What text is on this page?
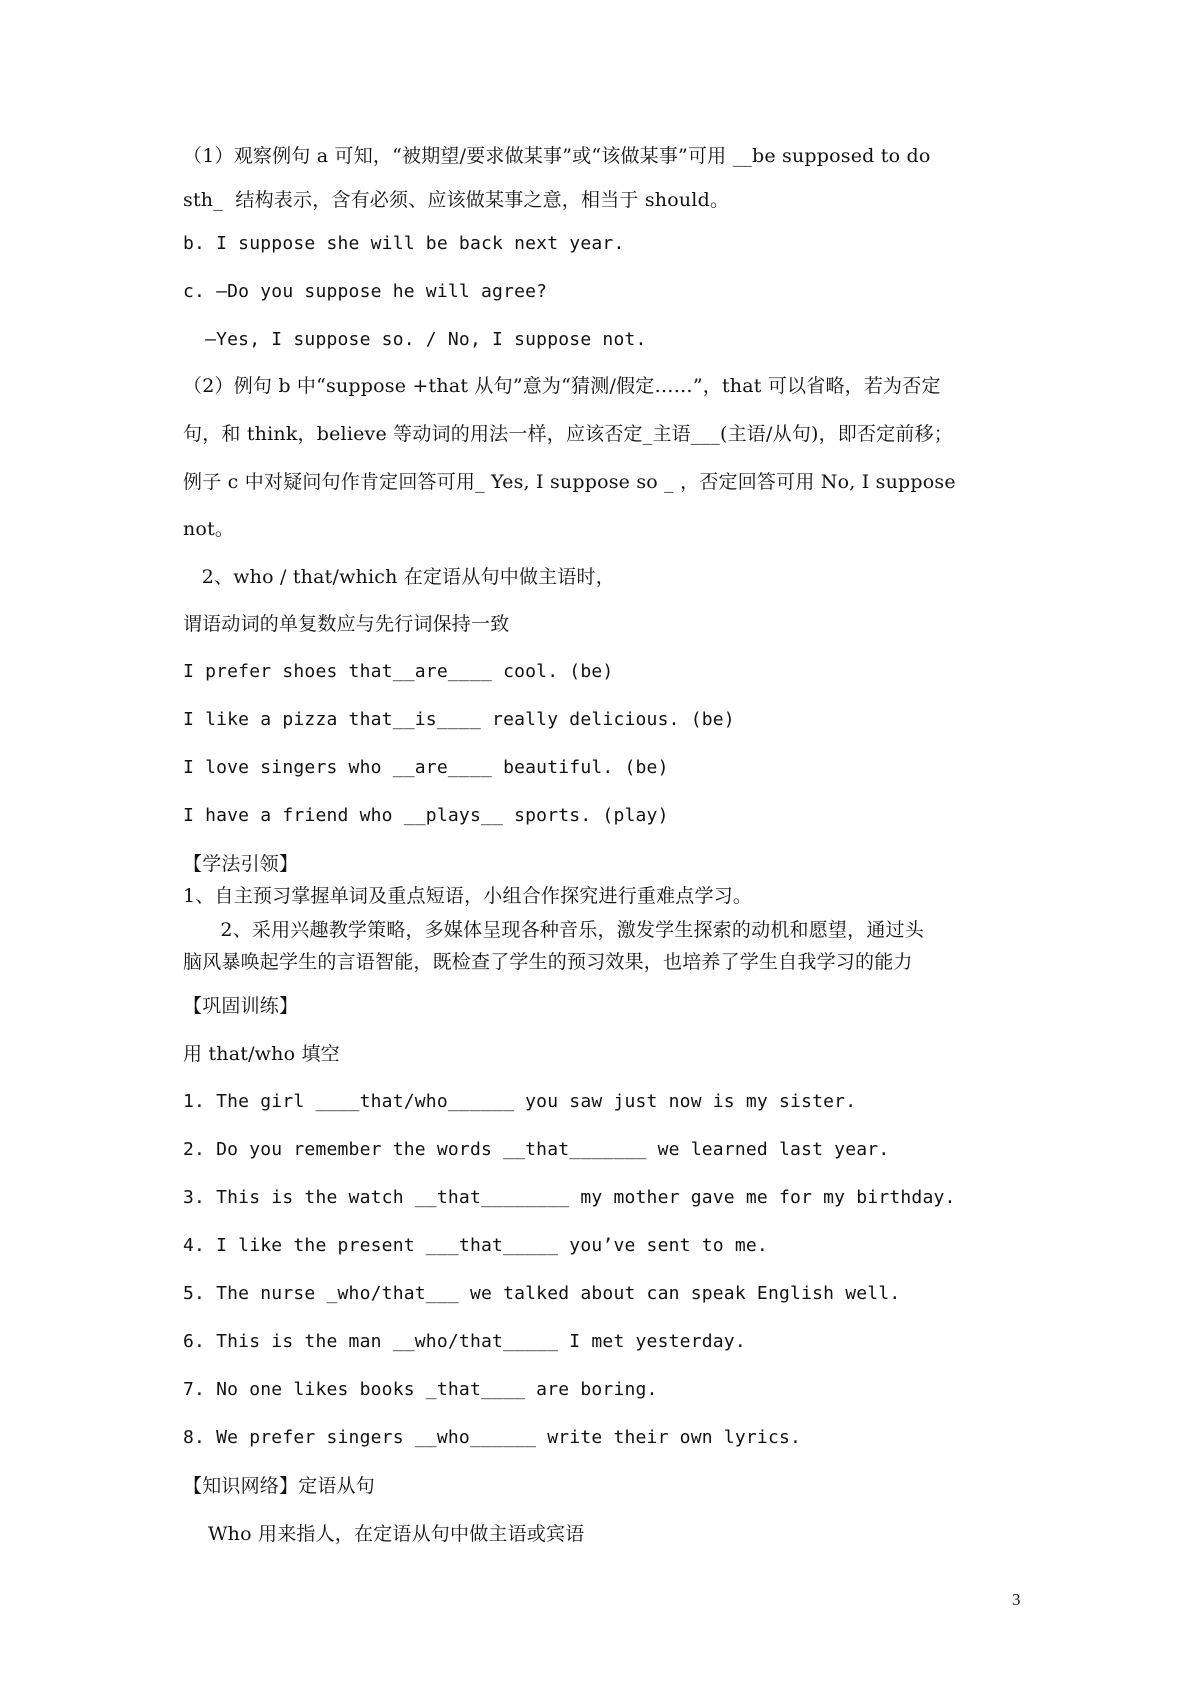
（1）观察例句 a 可知，“被期望/要求做某事”或“该做某事”可用 __be supposed to do
sth_  结构表示，含有必须、应该做某事之意，相当于 should。
b. I suppose she will be back next year.
c. —Do you suppose he will agree?
—Yes, I suppose so. / No, I suppose not.
（2）例句 b 中“suppose +that 从句”意为“猜测/假定……”，that 可以省略，若为否定
句，和 think，believe 等动词的用法一样，应该否定_主语___(主语/从句)，即否定前移；
例子 c 中对疑问句作肯定回答可用_ Yes, I suppose so _ ，否定回答可用 No, I suppose
not。
2、who / that/which 在定语从句中做主语时，
谓语动词的单复数应与先行词保持一致
I prefer shoes that__are____ cool. (be)
I like a pizza that__is____ really delicious. (be)
I love singers who __are____ beautiful. (be)
I have a friend who __plays__ sports. (play)
【学法引领】
1、自主预习掌握单词及重点短语，小组合作探究进行重难点学习。
2、采用兴趣教学策略，多媒体呈现各种音乐，激发学生探索的动机和愿望，通过头
脑风暴唤起学生的言语智能，既检查了学生的预习效果，也培养了学生自我学习的能力
【巩固训练】
用 that/who 填空
1. The girl ____that/who______ you saw just now is my sister.
2. Do you remember the words __that_______ we learned last year.
3. This is the watch __that________ my mother gave me for my birthday.
4. I like the present ___that_____ you’ve sent to me.
5. The nurse _who/that___ we talked about can speak English well.
6. This is the man __who/that_____ I met yesterday.
7. No one likes books _that____ are boring.
8. We prefer singers __who______ write their own lyrics.
【知识网络】定语从句
Who 用来指人，在定语从句中做主语或宾语
3
